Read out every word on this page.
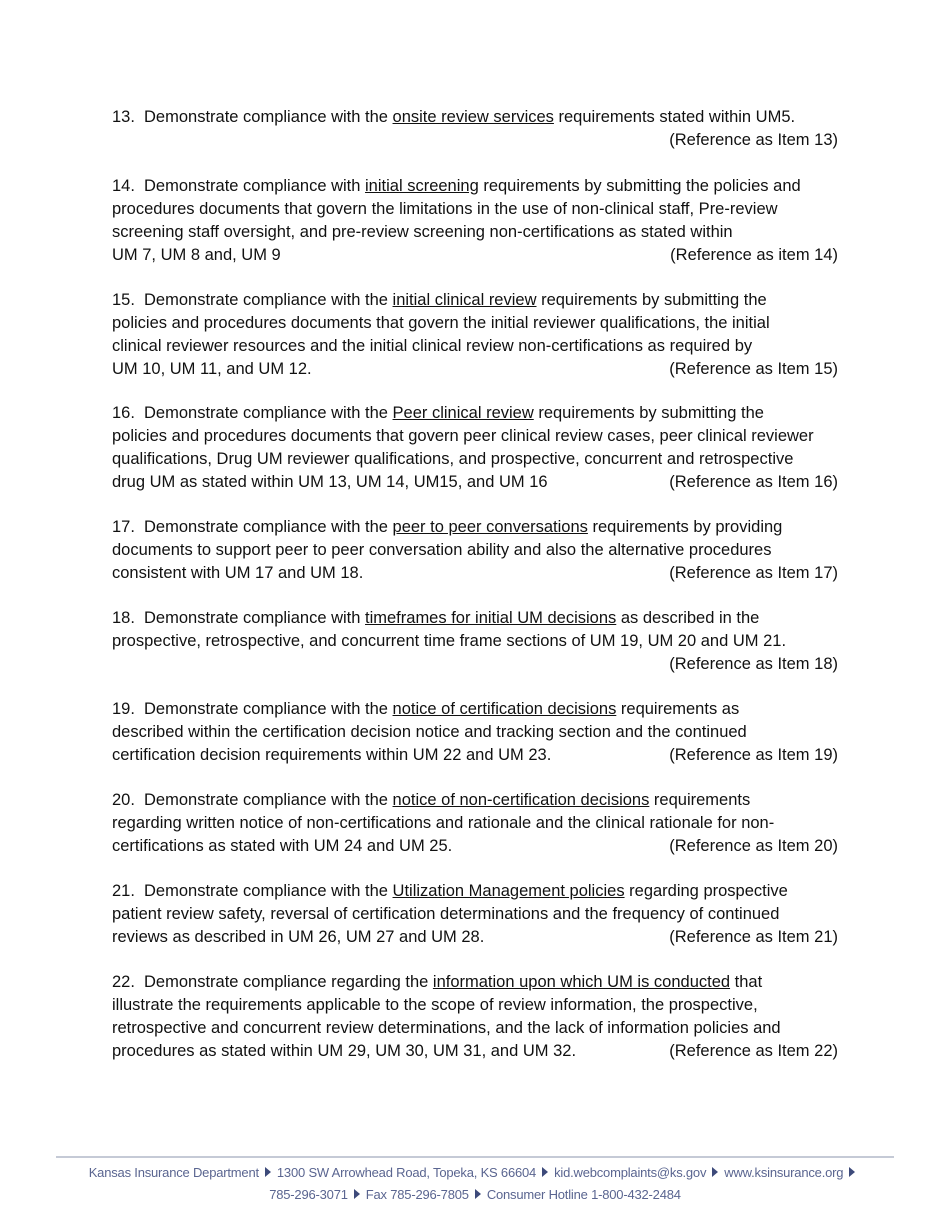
13. Demonstrate compliance with the onsite review services requirements stated within UM5.
(Reference as Item 13)
14. Demonstrate compliance with initial screening requirements by submitting the policies and
procedures documents that govern the limitations in the use of non-clinical staff, Pre-review
screening staff oversight, and pre-review screening non-certifications as stated within
UM 7, UM 8 and, UM 9	(Reference as item 14)
15. Demonstrate compliance with the initial clinical review requirements by submitting the
policies and procedures documents that govern the initial reviewer qualifications, the initial
clinical reviewer resources and the initial clinical review non-certifications as required by
UM 10, UM 11, and UM 12.	(Reference as Item 15)
16. Demonstrate compliance with the Peer clinical review requirements by submitting the
policies and procedures documents that govern peer clinical review cases, peer clinical reviewer
qualifications, Drug UM reviewer qualifications, and prospective, concurrent and retrospective
drug UM as stated within UM 13, UM 14, UM15, and UM 16	(Reference as Item 16)
17. Demonstrate compliance with the peer to peer conversations requirements by providing
documents to support peer to peer conversation ability and also the alternative procedures
consistent with UM 17 and UM 18.	(Reference as Item 17)
18. Demonstrate compliance with timeframes for initial UM decisions as described in the
prospective, retrospective, and concurrent time frame sections of UM 19, UM 20 and UM 21.
(Reference as Item 18)
19. Demonstrate compliance with the notice of certification decisions requirements as
described within the certification decision notice and tracking section and the continued
certification decision requirements within UM 22 and UM 23.	(Reference as Item 19)
20. Demonstrate compliance with the notice of non-certification decisions requirements
regarding written notice of non-certifications and rationale and the clinical rationale for non-
certifications as stated with UM 24 and UM 25.	(Reference as Item 20)
21. Demonstrate compliance with the Utilization Management policies regarding prospective
patient review safety, reversal of certification determinations and the frequency of continued
reviews as described in UM 26, UM 27 and UM 28.	(Reference as Item 21)
22. Demonstrate compliance regarding the information upon which UM is conducted that
illustrate the requirements applicable to the scope of review information, the prospective,
retrospective and concurrent review determinations, and the lack of information policies and
procedures as stated within UM 29, UM 30, UM 31, and UM 32.	(Reference as Item 22)
Kansas Insurance Department 1300 SW Arrowhead Road, Topeka, KS 66604 kid.webcomplaints@ks.gov www.ksinsurance.org
785-296-3071 Fax 785-296-7805 Consumer Hotline 1-800-432-2484
